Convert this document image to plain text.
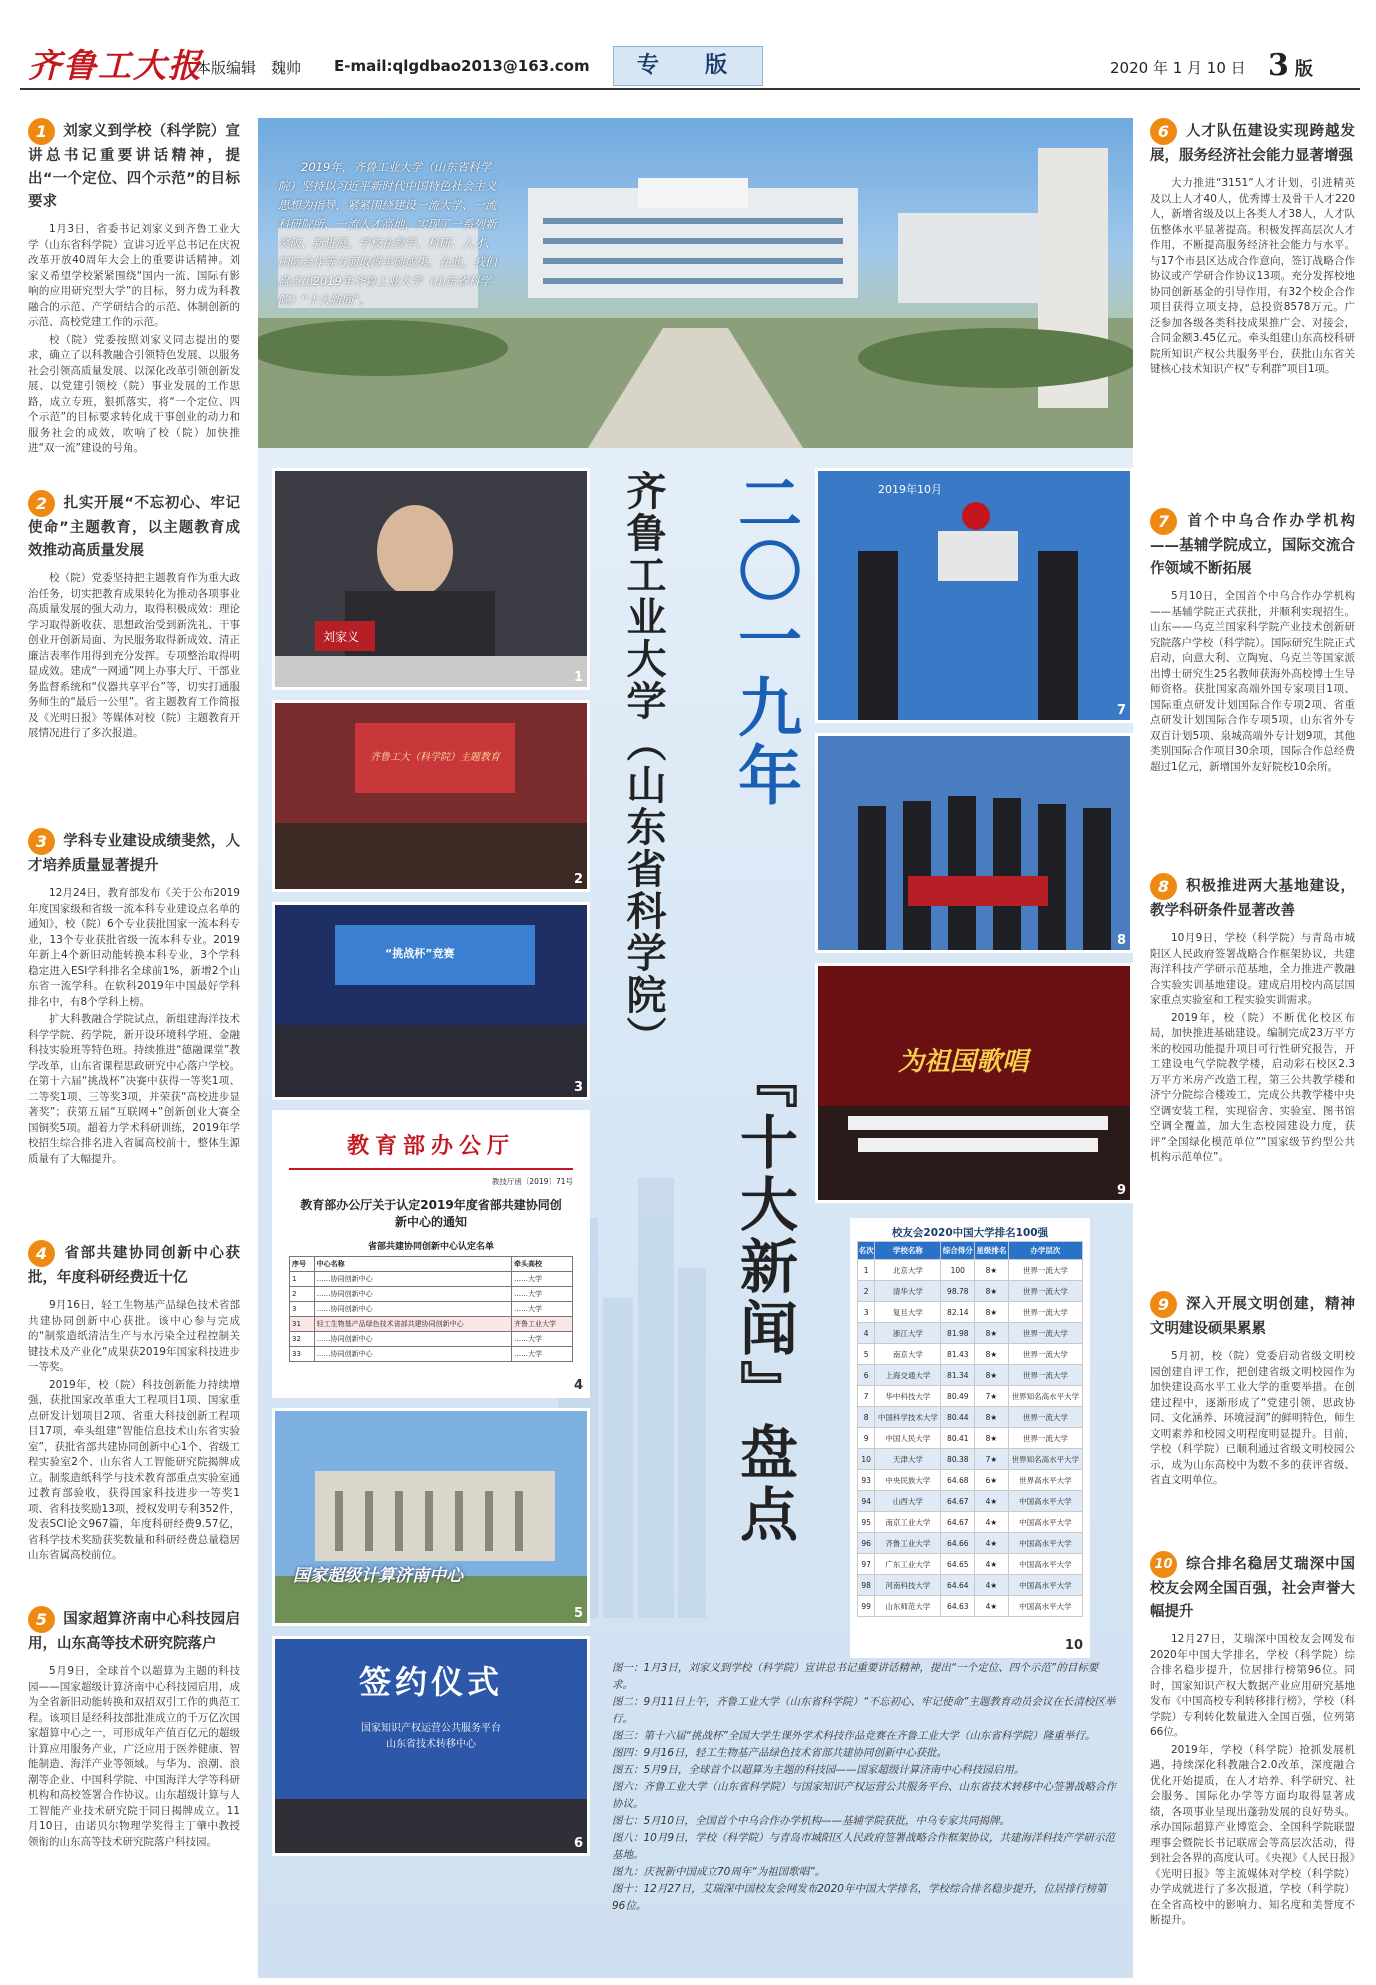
齐鲁工大报
本版编辑　魏帅 E-mail:qlgdbao2013@163.com	专　版	2020 年 1 月 10 日 3 版
1 刘家义到学校（科学院）宣讲总书记重要讲话精神，提出“一个定位、四个示范”的目标要求

1月3日，省委书记刘家义到齐鲁工业大学（山东省科学院）宣讲习近平总书记在庆祝改革开放40周年大会上的重要讲话精神。刘家义希望学校紧紧围绕“国内一流、国际有影响的应用研究型大学”的目标，努力成为科教融合的示范、产学研结合的示范、体制创新的示范、高校党建工作的示范。

校（院）党委按照刘家义同志提出的要求，确立了以科教融合引领特色发展、以服务社会引领高质量发展、以深化改革引领创新发展、以党建引领校（院）事业发展的工作思路，成立专班，狠抓落实，将“一个定位、四个示范”的目标要求转化成干事创业的动力和服务社会的成效，吹响了校（院）加快推进“双一流”建设的号角。

2 扎实开展“不忘初心、牢记使命”主题教育，以主题教育成效推动高质量发展

校（院）党委坚持把主题教育作为重大政治任务，切实把教育成果转化为推动各项事业高质量发展的强大动力，取得积极成效：理论学习取得新收获、思想政治受到新洗礼、干事创业开创新局面、为民服务取得新成效、清正廉洁表率作用得到充分发挥。专项整治取得明显成效。建成“一网通”网上办事大厅、干部业务监督系统和“仪器共享平台”等，切实打通服务师生的“最后一公里”。省主题教育工作简报及《光明日报》等媒体对校（院）主题教育开展情况进行了多次报道。

3 学科专业建设成绩斐然，人才培养质量显著提升

12月24日，教育部发布《关于公布2019年度国家级和省级一流本科专业建设点名单的通知》，校（院）6个专业获批国家一流本科专业，13个专业获批省级一流本科专业。2019年新上4个新旧动能转换本科专业，3个学科稳定进入ESI学科排名全球前1%，新增2个山东省一流学科。在软科2019年中国最好学科排名中，有8个学科上榜。

扩大科教融合学院试点，新组建海洋技术科学学院、药学院，新开设环境科学班、金融科技实验班等特色班。持续推进“德融课堂”教学改革，山东省课程思政研究中心落户学校。在第十六届“挑战杯”决赛中获得一等奖1项、二等奖1项、三等奖3项，并荣获“高校进步显著奖”；获第五届“互联网+”创新创业大赛全国铜奖5项。超着力学术科研训练，2019年学校招生综合排名进入省属高校前十，整体生源质量有了大幅提升。

4 省部共建协同创新中心获批，年度科研经费近十亿

9月16日，轻工生物基产品绿色技术省部共建协同创新中心获批。该中心参与完成的“制浆造纸清洁生产与水污染全过程控制关键技术及产业化”成果获2019年国家科技进步一等奖。

2019年，校（院）科技创新能力持续增强，获批国家改革重大工程项目1项、国家重点研发计划项目2项、省重大科技创新工程项目17项，牵头组建“智能信息技术山东省实验室”，获批省部共建协同创新中心1个、省级工程实验室2个、山东省人工智能研究院揭牌成立。制浆造纸科学与技术教育部重点实验室通过教育部验收，获得国家科技进步一等奖1项、省科技奖励13项，授权发明专利352件，发表SCI论文967篇，年度科研经费9.57亿，省科学技术奖励获奖数量和科研经费总量稳居山东省属高校前位。

5 国家超算济南中心科技园启用，山东高等技术研究院落户

5月9日，全球首个以超算为主题的科技园——国家超级计算济南中心科技园启用，成为全省新旧动能转换和双招双引工作的典范工程。该项目是经科技部批准成立的千万亿次国家超算中心之一，可形成年产值百亿元的超级计算应用服务产业，广泛应用于医养健康、智能制造、海洋产业等领域。与华为、浪潮、浪潮等企业、中国科学院、中国海洋大学等科研机构和高校签署合作协议。山东超级计算与人工智能产业技术研究院于同日揭牌成立。11月10日，由诺贝尔物理学奖得主丁肇中教授领衔的山东高等技术研究院落户科技园。

6 人才队伍建设实现跨越发展，服务经济社会能力显著增强

大力推进“3151”人才计划，引进精英及以上人才40人，优秀博士及骨干人才220人，新增省级及以上各类人才38人，人才队伍整体水平显著提高。积极发挥高层次人才作用，不断提高服务经济社会能力与水平。与17个市县区达成合作意向，签订战略合作协议或产学研合作协议13项。充分发挥校地协同创新基金的引导作用，有32个校企合作项目获得立项支持，总投资8578万元。广泛参加各级各类科技成果推广会、对接会，合同金额3.45亿元。牵头组建山东高校科研院所知识产权公共服务平台，获批山东省关键核心技术知识产权“专利群”项目1项。

7 首个中乌合作办学机构——基辅学院成立，国际交流合作领域不断拓展

5月10日，全国首个中乌合作办学机构——基辅学院正式获批，并顺利实现招生。山东——乌克兰国家科学院产业技术创新研究院落户学校（科学院）。国际研究生院正式启动，向意大利、立陶宛、乌克兰等国家派出博士研究生25名教师获海外高校博士生导师资格。获批国家高端外国专家项目1项、国际重点研发计划国际合作专项2项、省重点研发计划国际合作专项5项，山东省外专双百计划5项、泉城高端外专计划9项，其他类别国际合作项目30余项，国际合作总经费超过1亿元，新增国外友好院校10余所。

8 积极推进两大基地建设，教学科研条件显著改善

10月9日，学校（科学院）与青岛市城阳区人民政府签署战略合作框架协议，共建海洋科技产学研示范基地，全力推进产教融合实验实训基地建设。建成启用校内高层国家重点实验室和工程实验实训需求。

2019年，校（院）不断优化校区布局，加快推进基础建设。编制完成23万平方米的校园功能提升项目可行性研究报告，开工建设电气学院教学楼，启动彩石校区2.3万平方米房产改造工程，第三公共教学楼和济宁分院综合楼竣工，完成公共教学楼中央空调安装工程，实现宿舍、实验室、图书馆空调全覆盖，加大生态校园建设力度，获评“全国绿化模范单位”“国家级节约型公共机构示范单位”。

9 深入开展文明创建，精神文明建设硕果累累

5月初，校（院）党委启动省级文明校园创建自评工作，把创建省级文明校园作为加快建设高水平工业大学的重要举措。在创建过程中，逐渐形成了“党建引领、思政协同、文化涵养、环境浸润”的鲜明特色，师生文明素养和校园文明程度明显提升。目前，学校（科学院）已顺利通过省级文明校园公示，成为山东高校中为数不多的获评省级、省直文明单位。

10 综合排名稳居艾瑞深中国校友会网全国百强，社会声誉大幅提升

12月27日，艾瑞深中国校友会网发布2020年中国大学排名，学校（科学院）综合排名稳步提升，位居排行榜第96位。同时，国家知识产权大数据产业应用研究基地发布《中国高校专利转移排行榜》，学校（科学院）专利转化数量进入全国百强，位列第66位。

2019年，学校（科学院）抢抓发展机遇，持续深化科教融合2.0改革，深度融合优化开始提质，在人才培养、科学研究、社会服务、国际化办学等方面均取得显著成绩，各项事业呈现出蓬勃发展的良好势头。承办国际超算产业博览会、全国科学院联盟理事会暨院长书记联席会等高层次活动，得到社会各界的高度认可。《央视》《人民日报》《光明日报》等主流媒体对学校（科学院）办学成就进行了多次报道，学校（科学院）在全省高校中的影响力、知名度和美誉度不断提升。

2019年，齐鲁工业大学（山东省科学院）坚持以习近平新时代中国特色社会主义思想为指导，紧紧围绕建设一流大学、一流科研院所、一流人才高地，实现了一系列新突破、新进展。学校在教学、科研、人才、国际合作等方面取得丰硕成果。在此，我们盘点出2019年齐鲁工业大学（山东省科学院）“十大新闻”。
刘家义
1
齐鲁工大（科学院）主题教育
2
“挑战杯”竞赛
3
教育部办公厅
教技厅函〔2019〕71号
教育部办公厅关于认定2019年度省部共建协同创新中心的通知
省部共建协同创新中心认定名单
序号	中心名称	牵头高校
1	……协同创新中心	……大学
2	……协同创新中心	……大学
3	……协同创新中心	……大学
31	轻工生物基产品绿色技术省部共建协同创新中心	齐鲁工业大学
32	……协同创新中心	……大学
33	……协同创新中心	……大学
4
国家超级计算济南中心
5
签约仪式
国家知识产权运营公共服务平台
山东省技术转移中心
6
齐鲁工业大学（山东省科学院） 二〇一九年
『十大新闻』盘点
2019年10月
7
8
为祖国歌唱
9
校友会2020中国大学排名100强
名次	学校名称	综合得分	星级排名	办学层次
1	北京大学	100	8★	世界一流大学
2	清华大学	98.78	8★	世界一流大学
3	复旦大学	82.14	8★	世界一流大学
4	浙江大学	81.98	8★	世界一流大学
5	南京大学	81.43	8★	世界一流大学
6	上海交通大学	81.34	8★	世界一流大学
7	华中科技大学	80.49	7★	世界知名高水平大学
8	中国科学技术大学	80.44	8★	世界一流大学
9	中国人民大学	80.41	8★	世界一流大学
10	天津大学	80.38	7★	世界知名高水平大学
93	中央民族大学	64.68	6★	世界高水平大学
94	山西大学	64.67	4★	中国高水平大学
95	南京工业大学	64.67	4★	中国高水平大学
96	齐鲁工业大学	64.66	4★	中国高水平大学
97	广东工业大学	64.65	4★	中国高水平大学
98	河南科技大学	64.64	4★	中国高水平大学
99	山东师范大学	64.63	4★	中国高水平大学
10

图一：1月3日，刘家义到学校（科学院）宣讲总书记重要讲话精神，提出“一个定位、四个示范”的目标要求。

图二：9月11日上午，齐鲁工业大学（山东省科学院）“不忘初心、牢记使命”主题教育动员会议在长清校区举行。

图三：第十六届“挑战杯”全国大学生课外学术科技作品竞赛在齐鲁工业大学（山东省科学院）隆重举行。

图四：9月16日，轻工生物基产品绿色技术省部共建协同创新中心获批。

图五：5月9日，全球首个以超算为主题的科技园——国家超级计算济南中心科技园启用。

图六：齐鲁工业大学（山东省科学院）与国家知识产权运营公共服务平台、山东省技术转移中心签署战略合作协议。

图七：5月10日，全国首个中乌合作办学机构——基辅学院获批，中乌专家共同揭牌。

图八：10月9日，学校（科学院）与青岛市城阳区人民政府签署战略合作框架协议，共建海洋科技产学研示范基地。

图九：庆祝新中国成立70周年“为祖国歌唱”。

图十：12月27日，艾瑞深中国校友会网发布2020年中国大学排名，学校综合排名稳步提升，位居排行榜第96位。
